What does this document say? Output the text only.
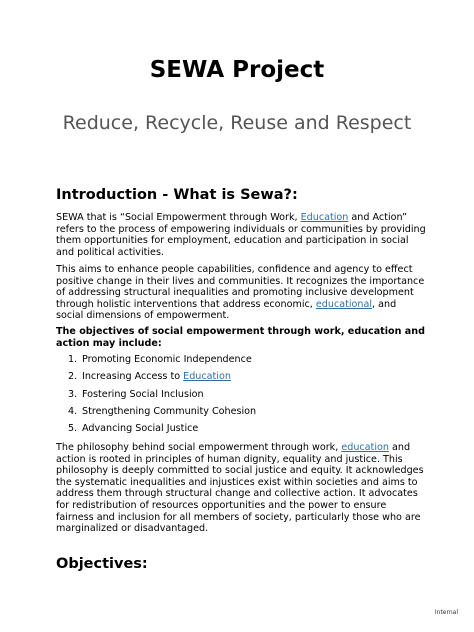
SEWA Project
Reduce, Recycle, Reuse and Respect
Introduction - What is Sewa?:

SEWA that is “Social Empowerment through Work, Education and Action” refers to the process of empowering individuals or communities by providing them opportunities for employment, education and participation in social and political activities.

This aims to enhance people capabilities, confidence and agency to effect positive change in their lives and communities. It recognizes the importance of addressing structural inequalities and promoting inclusive development through holistic interventions that address economic, educational, and social dimensions of empowerment.

The objectives of social empowerment through work, education and action may include:

1. Promoting Economic Independence
2. Increasing Access to Education
3. Fostering Social Inclusion
4. Strengthening Community Cohesion
5. Advancing Social Justice

The philosophy behind social empowerment through work, education and action is rooted in principles of human dignity, equality and justice. This philosophy is deeply committed to social justice and equity. It acknowledges the systematic inequalities and injustices exist within societies and aims to address them through structural change and collective action. It advocates for redistribution of resources opportunities and the power to ensure fairness and inclusion for all members of society, particularly those who are marginalized or disadvantaged.

Objectives:
Internal
